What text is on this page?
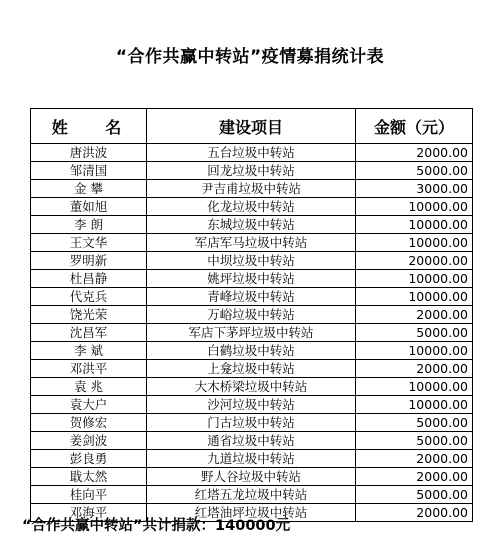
“合作共赢中转站”疫情募捐统计表
姓 名	建设项目	金额（元）
唐洪波	五台垃圾中转站	2000.00
邹清国	回龙垃圾中转站	5000.00
金 攀	尹吉甫垃圾中转站	3000.00
董如旭	化龙垃圾中转站	10000.00
李 朗	东城垃圾中转站	10000.00
王文华	军店军马垃圾中转站	10000.00
罗明新	中坝垃圾中转站	20000.00
杜昌静	姚坪垃圾中转站	10000.00
代克兵	青峰垃圾中转站	10000.00
饶光荣	万峪垃圾中转站	2000.00
沈昌军	军店下茅坪垃圾中转站	5000.00
李 斌	白鹤垃圾中转站	10000.00
邓洪平	上龛垃圾中转站	2000.00
袁 兆	大木桥梁垃圾中转站	10000.00
袁大户	沙河垃圾中转站	10000.00
贺修宏	门古垃圾中转站	5000.00
姜剑波	通省垃圾中转站	5000.00
彭良勇	九道垃圾中转站	2000.00
戢太然	野人谷垃圾中转站	2000.00
桂向平	红塔五龙垃圾中转站	5000.00
邓海平	红塔油坪垃圾中转站	2000.00
“合作共赢中转站”共计捐款：140000元
